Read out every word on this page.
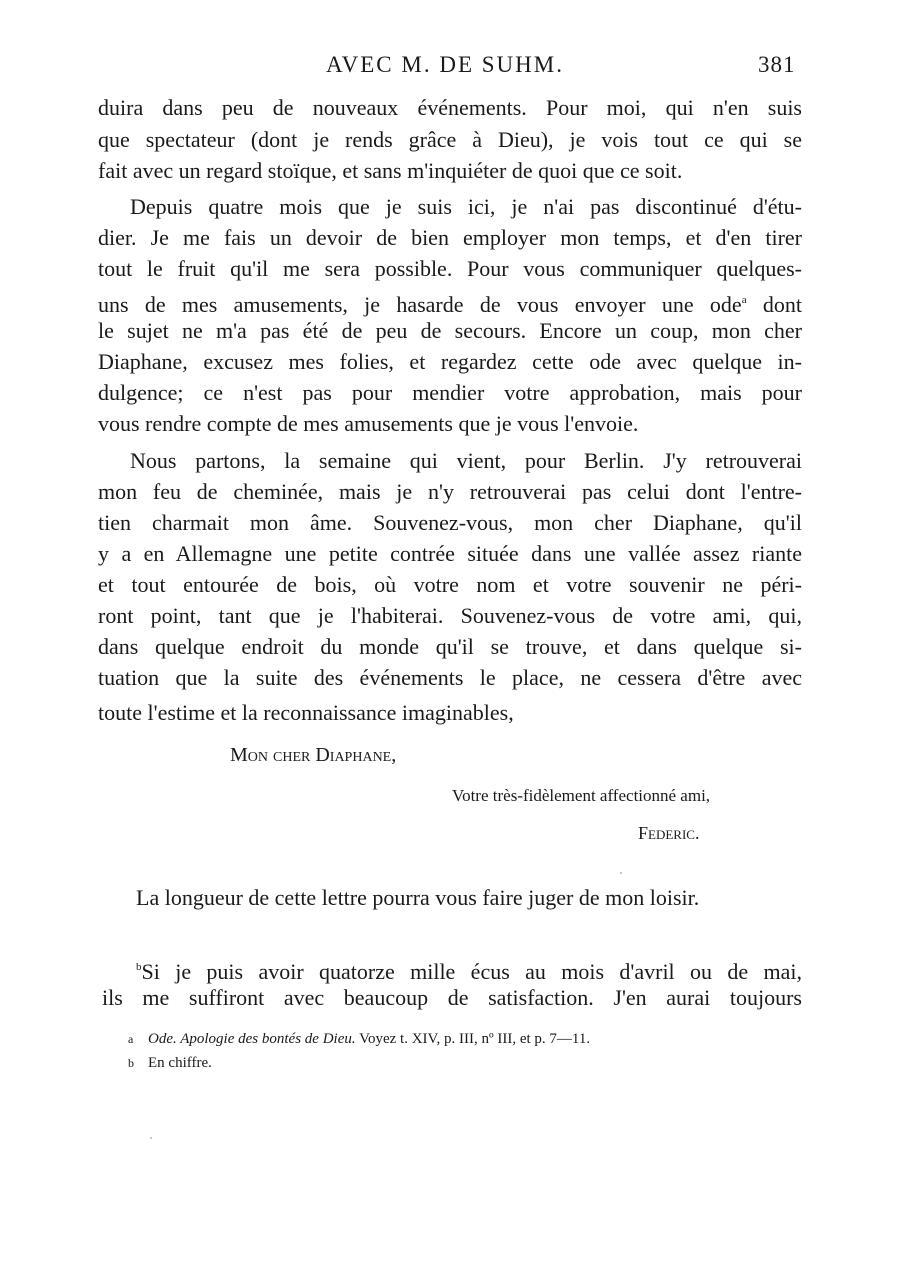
AVEC M. DE SUHM.	381
duira dans peu de nouveaux événements. Pour moi, qui n'en suis
que spectateur (dont je rends grâce à Dieu), je vois tout ce qui se
fait avec un regard stoïque, et sans m'inquiéter de quoi que ce soit.
Depuis quatre mois que je suis ici, je n'ai pas discontinué d'étu-
dier. Je me fais un devoir de bien employer mon temps, et d'en tirer
tout le fruit qu'il me sera possible. Pour vous communiquer quelques-
uns de mes amusements, je hasarde de vous envoyer une ode$^a$ dont
le sujet ne m'a pas été de peu de secours. Encore un coup, mon cher
Diaphane, excusez mes folies, et regardez cette ode avec quelque in-
dulgence; ce n'est pas pour mendier votre approbation, mais pour
vous rendre compte de mes amusements que je vous l'envoie.
Nous partons, la semaine qui vient, pour Berlin. J'y retrouverai
mon feu de cheminée, mais je n'y retrouverai pas celui dont l'entre-
tien charmait mon âme. Souvenez-vous, mon cher Diaphane, qu'il
y a en Allemagne une petite contrée située dans une vallée assez riante
et tout entourée de bois, où votre nom et votre souvenir ne péri-
ront point, tant que je l'habiterai. Souvenez-vous de votre ami, qui,
dans quelque endroit du monde qu'il se trouve, et dans quelque si-
tuation que la suite des événements le place, ne cessera d'être avec
toute l'estime et la reconnaissance imaginables,
Mon cher Diaphane,
Votre très-fidèlement affectionné ami,
Federic.
La longueur de cette lettre pourra vous faire juger de mon loisir.
$^b$Si je puis avoir quatorze mille écus au mois d'avril ou de mai,
ils me suffiront avec beaucoup de satisfaction. J'en aurai toujours
a Ode. Apologie des bontés de Dieu. Voyez t. XIV, p. III, nº III, et p. 7—11.
b En chiffre.
